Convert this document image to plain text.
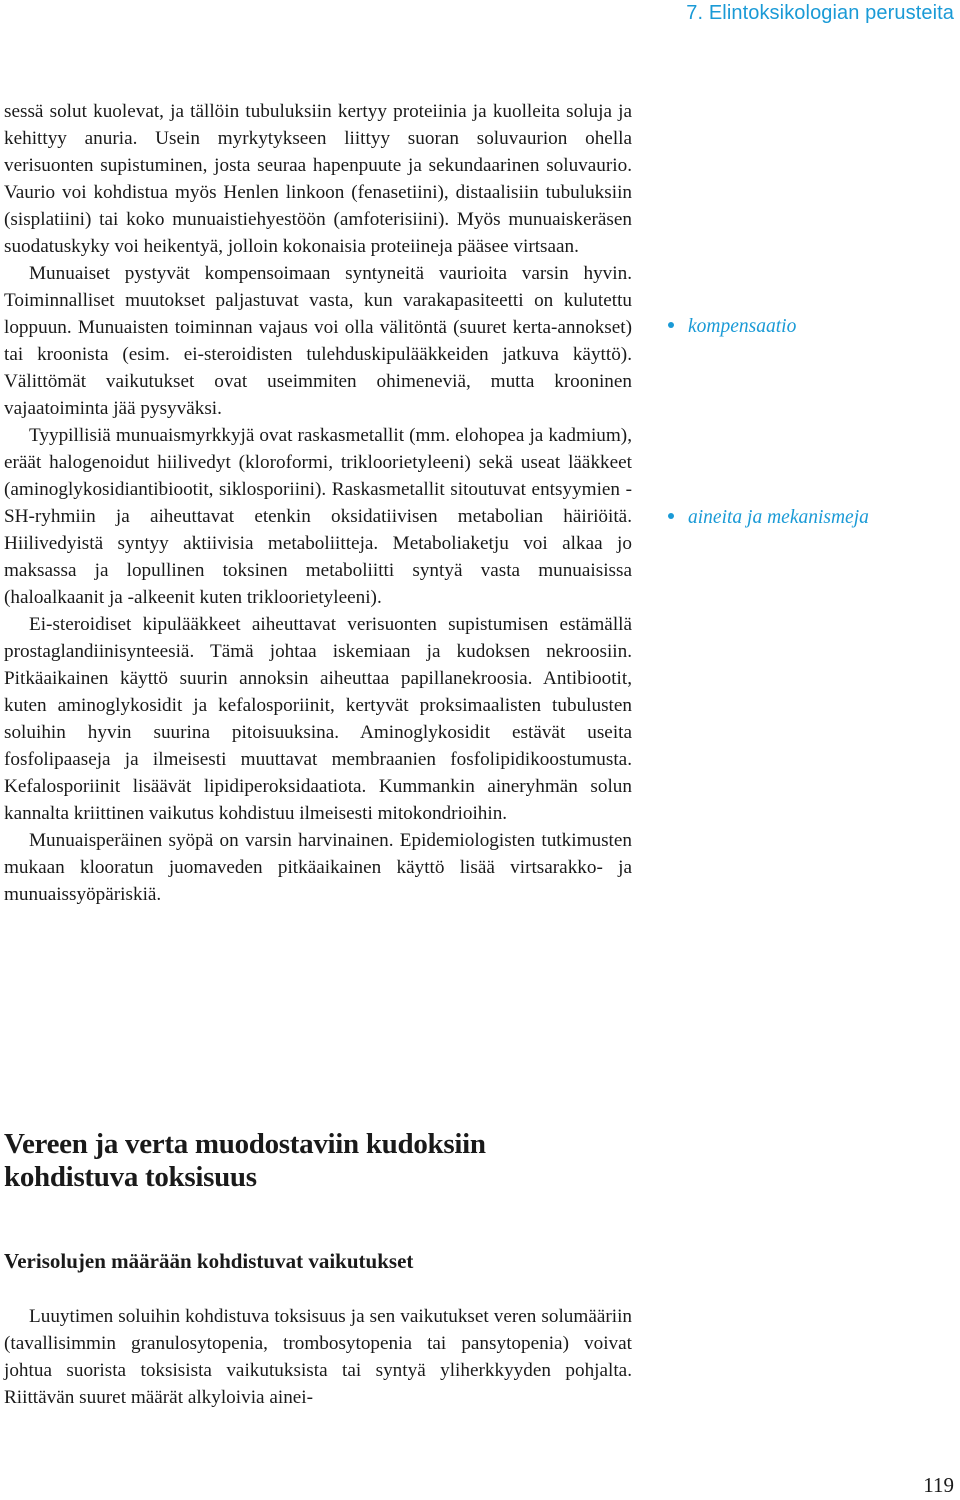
7. Elintoksikologian perusteita

sessä solut kuolevat, ja tällöin tubuluksiin kertyy proteiinia ja kuolleita soluja ja kehittyy anuria. Usein myrkytykseen liittyy suoran soluvaurion ohella verisuonten supistuminen, josta seuraa hapenpuute ja sekundaarinen soluvaurio. Vaurio voi kohdistua myös Henlen linkoon (fenasetiini), distaalisiin tubuluksiin (sisplatiini) tai koko munuaistiehyestöön (amfoterisiini). Myös munuaiskeräsen suodatuskyky voi heikentyä, jolloin kokonaisia proteiineja pääsee virtsaan.

Munuaiset pystyvät kompensoimaan syntyneitä vaurioita varsin hyvin. Toiminnalliset muutokset paljastuvat vasta, kun varakapasiteetti on kulutettu loppuun. Munuaisten toiminnan vajaus voi olla välitöntä (suuret kerta-annokset) tai kroonista (esim. ei-steroidisten tulehduskipulääkkeiden jatkuva käyttö). Välittömät vaikutukset ovat useimmiten ohimeneviä, mutta krooninen vajaatoiminta jää pysyväksi.

Tyypillisiä munuaismyrkkyjä ovat raskasmetallit (mm. elohopea ja kadmium), eräät halogenoidut hiilivedyt (kloroformi, trikloorietyleeni) sekä useat lääkkeet (aminoglykosidiantibiootit, siklosporiini). Raskasmetallit sitoutuvat entsyymien -SH-ryhmiin ja aiheuttavat etenkin oksidatiivisen metabolian häiriöitä. Hiilivedyistä syntyy aktiivisia metaboliitteja. Metaboliaketju voi alkaa jo maksassa ja lopullinen toksinen metaboliitti syntyä vasta munuaisissa (haloalkaanit ja -alkeenit kuten trikloorietyleeni).

Ei-steroidiset kipulääkkeet aiheuttavat verisuonten supistumisen estämällä prostaglandiinisynteesiä. Tämä johtaa iskemiaan ja kudoksen nekroosiin. Pitkäaikainen käyttö suurin annoksin aiheuttaa papillanekroosia. Antibiootit, kuten aminoglykosidit ja kefalosporiinit, kertyvät proksimaalisten tubulusten soluihin hyvin suurina pitoisuuksina. Aminoglykosidit estävät useita fosfolipaaseja ja ilmeisesti muuttavat membraanien fosfolipidikoostumusta. Kefalosporiinit lisäävät lipidiperoksidaatiota. Kummankin aineryhmän solun kannalta kriittinen vaikutus kohdistuu ilmeisesti mitokondrioihin.

Munuaisperäinen syöpä on varsin harvinainen. Epidemiologisten tutkimusten mukaan klooratun juomaveden pitkäaikainen käyttö lisää virtsarakko- ja munuaissyöpäriskiä.

kompensaatio
aineita ja mekanismeja
Vereen ja verta muodostaviin kudoksiin kohdistuva toksisuus
Verisolujen määrään kohdistuvat vaikutukset

Luuytimen soluihin kohdistuva toksisuus ja sen vaikutukset veren solumääriin (tavallisimmin granulosytopenia, trombosytopenia tai pansytopenia) voivat johtua suorista toksisista vaikutuksista tai syntyä yliherkkyyden pohjalta. Riittävän suuret määrät alkyloivia ainei-

119
